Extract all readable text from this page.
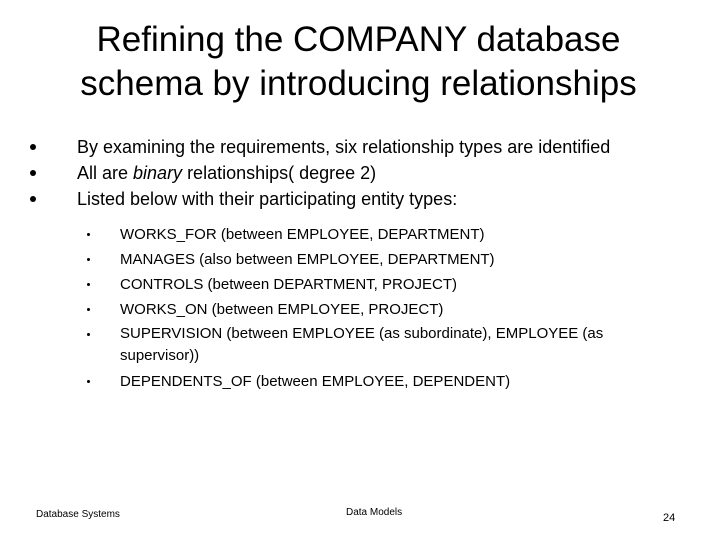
Refining the COMPANY database
schema by introducing relationships
By examining the requirements, six relationship types are identified
All are binary relationships( degree 2)
Listed below with their participating entity types:
WORKS_FOR (between EMPLOYEE, DEPARTMENT)
MANAGES (also between EMPLOYEE, DEPARTMENT)
CONTROLS (between DEPARTMENT, PROJECT)
WORKS_ON (between EMPLOYEE, PROJECT)
SUPERVISION (between EMPLOYEE (as subordinate), EMPLOYEE (as supervisor))
DEPENDENTS_OF (between EMPLOYEE, DEPENDENT)
Database Systems	Data Models	24
